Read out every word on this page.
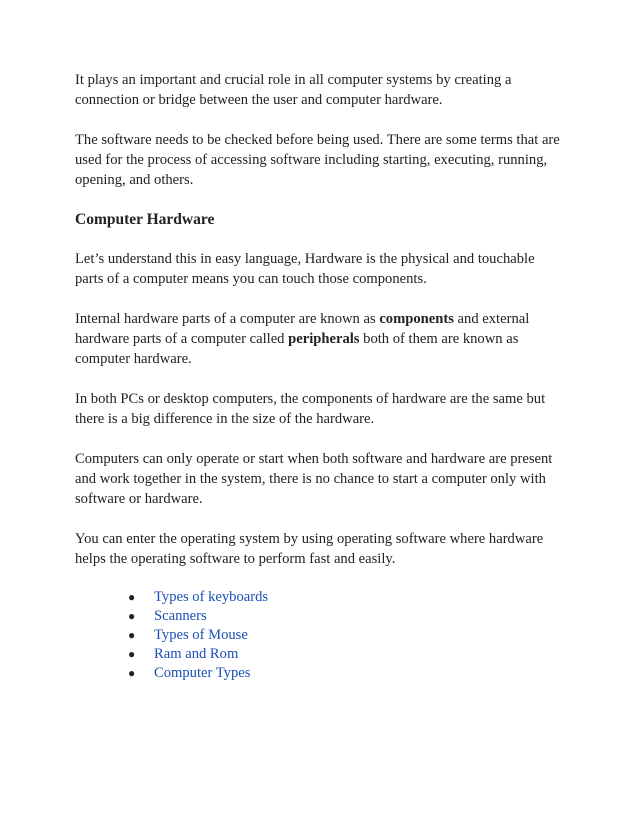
It plays an important and crucial role in all computer systems by creating a connection or bridge between the user and computer hardware.

The software needs to be checked before being used. There are some terms that are used for the process of accessing software including starting, executing, running, opening, and others.

Computer Hardware

Let’s understand this in easy language, Hardware is the physical and touchable parts of a computer means you can touch those components.

Internal hardware parts of a computer are known as components and external hardware parts of a computer called peripherals both of them are known as computer hardware.

In both PCs or desktop computers, the components of hardware are the same but there is a big difference in the size of the hardware.

Computers can only operate or start when both software and hardware are present and work together in the system, there is no chance to start a computer only with software or hardware.

You can enter the operating system by using operating software where hardware helps the operating software to perform fast and easily.

● Types of keyboards
● Scanners
● Types of Mouse
● Ram and Rom
● Computer Types
